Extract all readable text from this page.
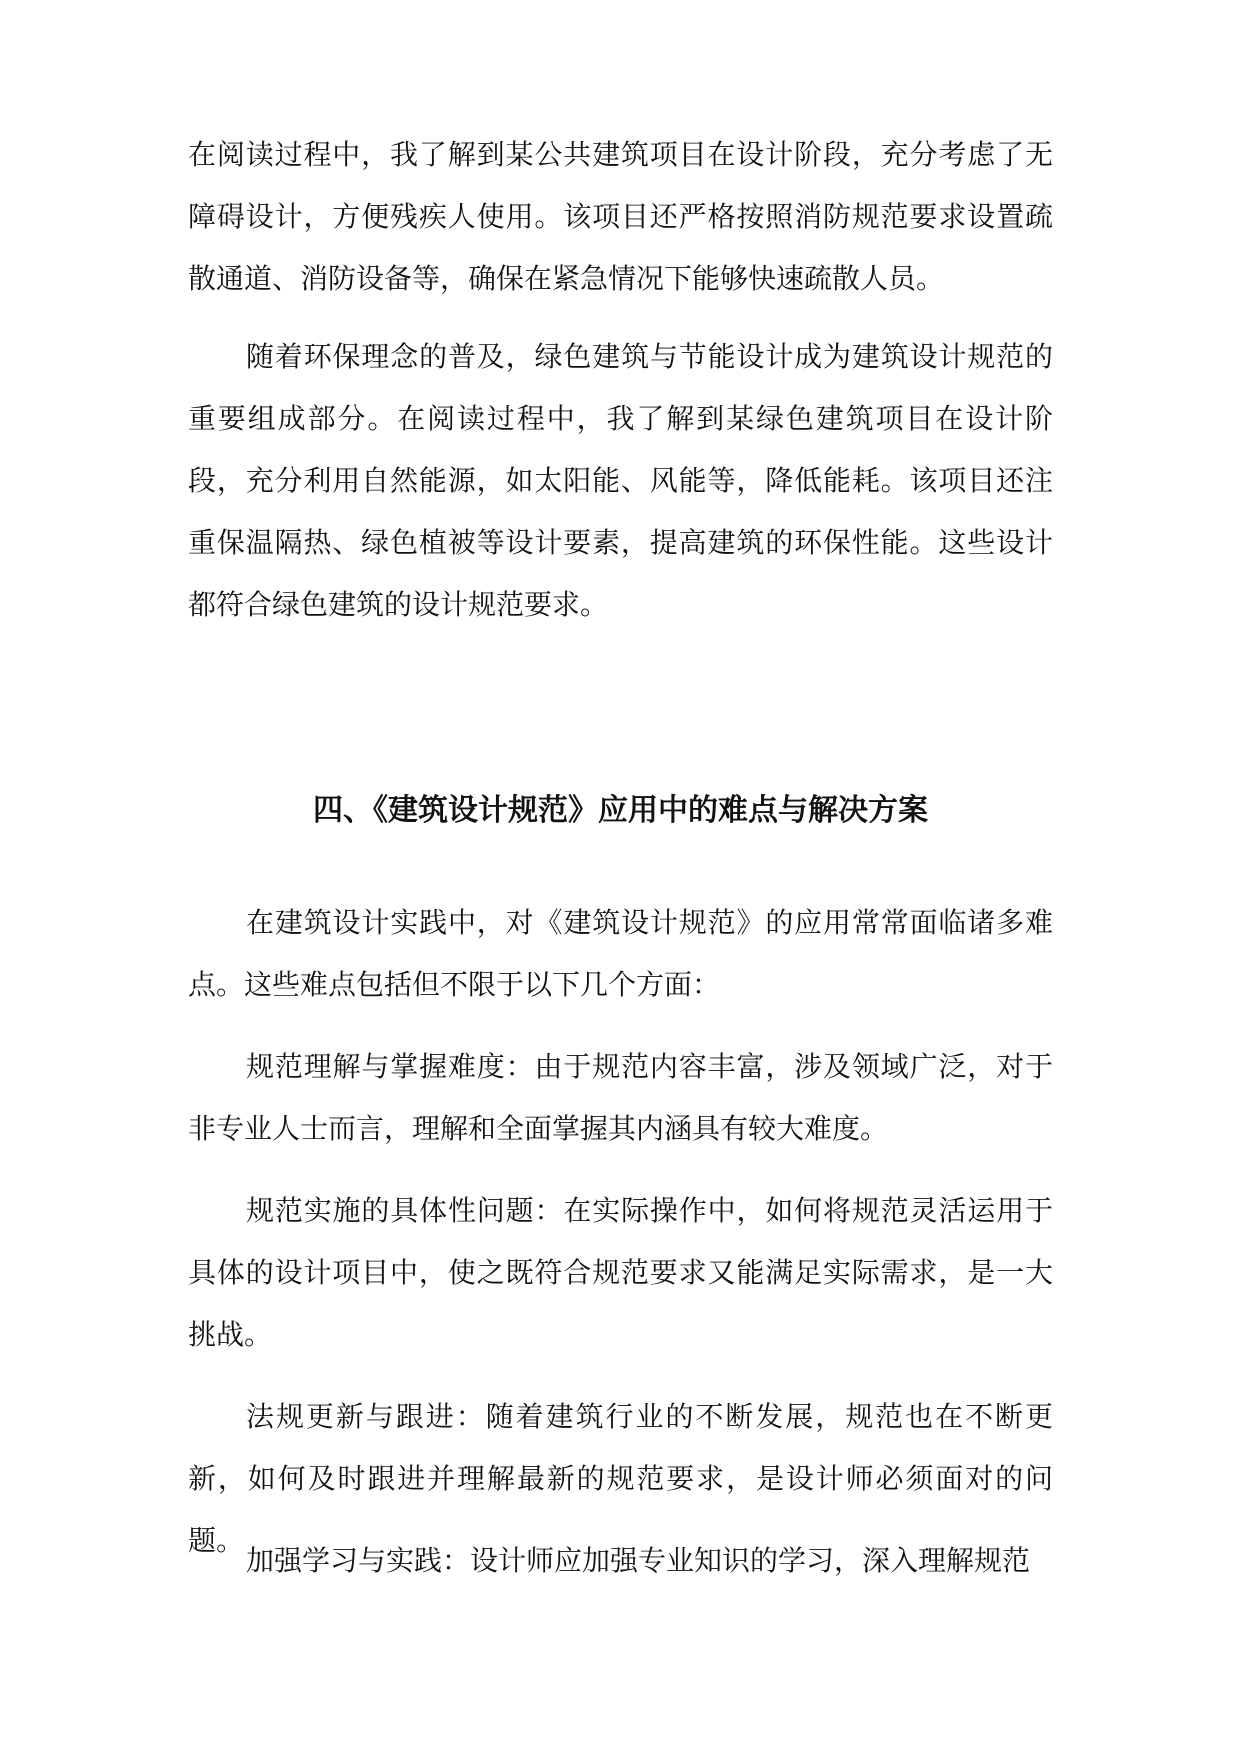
在阅读过程中，我了解到某公共建筑项目在设计阶段，充分考虑了无障碍设计，方便残疾人使用。该项目还严格按照消防规范要求设置疏散通道、消防设备等，确保在紧急情况下能够快速疏散人员。

随着环保理念的普及，绿色建筑与节能设计成为建筑设计规范的重要组成部分。在阅读过程中，我了解到某绿色建筑项目在设计阶段，充分利用自然能源，如太阳能、风能等，降低能耗。该项目还注重保温隔热、绿色植被等设计要素，提高建筑的环保性能。这些设计都符合绿色建筑的设计规范要求。

四、《建筑设计规范》应用中的难点与解决方案

在建筑设计实践中，对《建筑设计规范》的应用常常面临诸多难点。这些难点包括但不限于以下几个方面：

规范理解与掌握难度：由于规范内容丰富，涉及领域广泛，对于非专业人士而言，理解和全面掌握其内涵具有较大难度。

规范实施的具体性问题：在实际操作中，如何将规范灵活运用于具体的设计项目中，使之既符合规范要求又能满足实际需求，是一大挑战。

法规更新与跟进：随着建筑行业的不断发展，规范也在不断更新，如何及时跟进并理解最新的规范要求，是设计师必须面对的问题。

加强学习与实践：设计师应加强专业知识的学习，深入理解规范
